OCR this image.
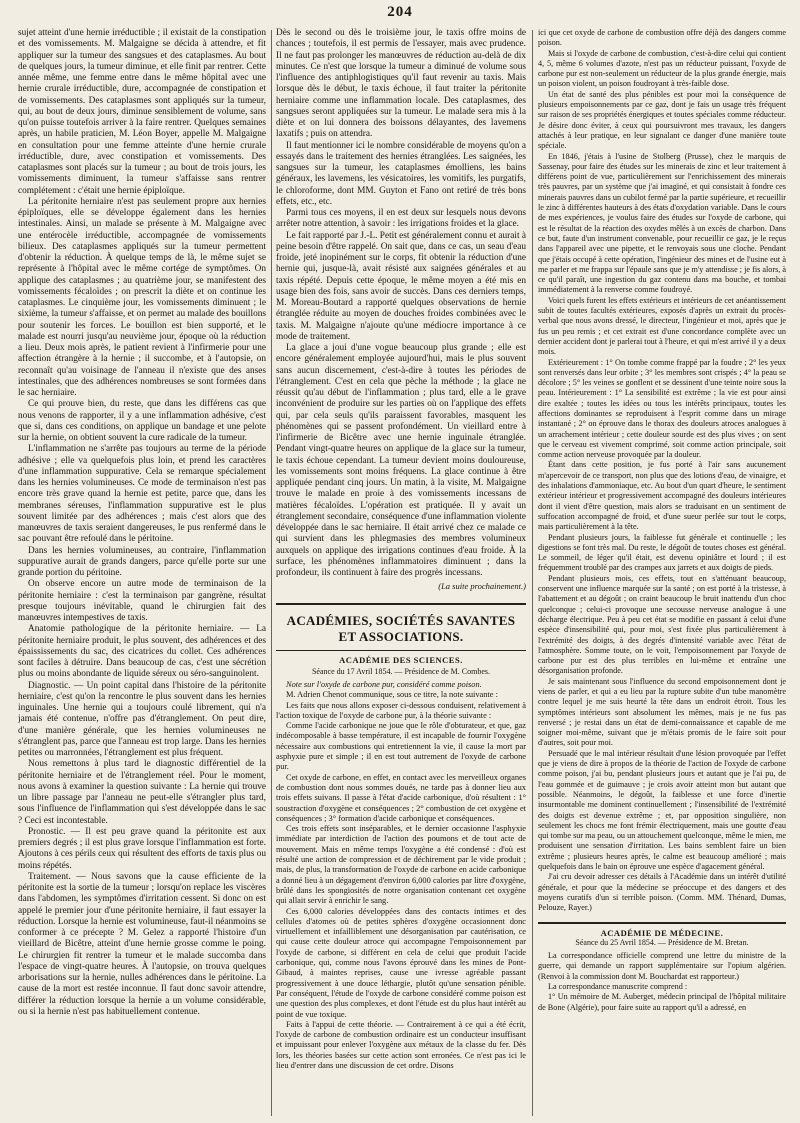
204

sujet atteint d'une hernie irréductible ; il existait de la constipation et des vomissements. M. Malgaigne se décida à attendre, et fit appliquer sur la tumeur des sangsues et des cataplasmes. Au bout de quelques jours, la tumeur diminue, et elle finit par rentrer. Cette année même, une femme entre dans le même hôpital avec une hernie crurale irréductible, dure, accompagnée de constipation et de vomissements. Des cataplasmes sont appliqués sur la tumeur, qui, au bout de deux jours, diminue sensiblement de volume, sans qu'on puisse toutefois arriver à la faire rentrer. Quelques semaines après, un habile praticien, M. Léon Boyer, appelle M. Malgaigne en consultation pour une femme atteinte d'une hernie crurale irréductible, dure, avec constipation et vomissements. Des cataplasmes sont placés sur la tumeur ; au bout de trois jours, les vomissements diminuent, la tumeur s'affaisse sans rentrer complétement : c'était une hernie épiploïque.

La péritonite herniaire n'est pas seulement propre aux hernies épiploïques, elle se développe également dans les hernies intestinales. Ainsi, un malade se présente à M. Malgaigne avec une entérocèle irréductible, accompagnée de vomissements bilieux. Des cataplasmes appliqués sur la tumeur permettent d'obtenir la réduction. À quelque temps de là, le même sujet se représente à l'hôpital avec le même cortége de symptômes. On applique des cataplasmes ; au quatrième jour, se manifestent des vomissements fécaloïdes ; on prescrit la diète et on continue les cataplasmes. Le cinquième jour, les vomissements diminuent ; le sixième, la tumeur s'affaisse, et on permet au malade des bouillons pour soutenir les forces. Le bouillon est bien supporté, et le malade est nourri jusqu'au neuvième jour, époque où la réduction a lieu. Deux mois après, le patient revient à l'infirmerie pour une affection étrangère à la hernie ; il succombe, et à l'autopsie, on reconnaît qu'au voisinage de l'anneau il n'existe que des anses intestinales, que des adhérences nombreuses se sont formées dans le sac herniaire.

Ce qui prouve bien, du reste, que dans les différens cas que nous venons de rapporter, il y a une inflammation adhésive, c'est que si, dans ces conditions, on applique un bandage et une pelote sur la hernie, on obtient souvent la cure radicale de la tumeur.

L'inflammation ne s'arrête pas toujours au terme de la période adhésive ; elle va quelquefois plus loin, et prend les caractères d'une inflammation suppurative. Cela se remarque spécialement dans les hernies volumineuses. Ce mode de terminaison n'est pas encore très grave quand la hernie est petite, parce que, dans les membranes séreuses, l'inflammation suppurative est le plus souvent limitée par des adhérences ; mais c'est alors que des manœuvres de taxis seraient dangereuses, le pus renfermé dans le sac pouvant être refoulé dans le péritoine.

Dans les hernies volumineuses, au contraire, l'inflammation suppurative aurait de grands dangers, parce qu'elle porte sur une grande portion du péritoine.

On observe encore un autre mode de terminaison de la péritonite herniaire : c'est la terminaison par gangrène, résultat presque toujours inévitable, quand le chirurgien fait des manœuvres intempestives de taxis.

Anatomie pathologique de la péritonite herniaire. — La péritonite herniaire produit, le plus souvent, des adhérences et des épaississements du sac, des cicatrices du collet. Ces adhérences sont faciles à détruire. Dans beaucoup de cas, c'est une sécrétion plus ou moins abondante de liquide séreux ou séro-sanguinolent.

Diagnostic. — Un point capital dans l'histoire de la péritonite herniaire, c'est qu'on la rencontre le plus souvent dans les hernies inguinales. Une hernie qui a toujours coulé librement, qui n'a jamais été contenue, n'offre pas d'étranglement. On peut dire, d'une manière générale, que les hernies volumineuses ne s'étranglent pas, parce que l'anneau est trop large. Dans les hernies petites ou marronnées, l'étranglement est plus fréquent.

Nous remettons à plus tard le diagnostic différentiel de la péritonite herniaire et de l'étranglement réel. Pour le moment, nous avons à examiner la question suivante : La hernie qui trouve un libre passage par l'anneau ne peut-elle s'étrangler plus tard, sous l'influence de l'inflammation qui s'est développée dans le sac ? Ceci est incontestable.

Pronostic. — Il est peu grave quand la péritonite est aux premiers degrés ; il est plus grave lorsque l'inflammation est forte. Ajoutons à ces périls ceux qui résultent des efforts de taxis plus ou moins répétés.

Traitement. — Nous savons que la cause efficiente de la péritonite est la sortie de la tumeur ; lorsqu'on replace les viscères dans l'abdomen, les symptômes d'irritation cessent. Si donc on est appelé le premier jour d'une péritonite herniaire, il faut essayer la réduction. Lorsque la hernie est volumineuse, faut-il néanmoins se conformer à ce précepte ? M. Gelez a rapporté l'histoire d'un vieillard de Bicêtre, atteint d'une hernie grosse comme le poing. Le chirurgien fit rentrer la tumeur et le malade succomba dans l'espace de vingt-quatre heures. À l'autopsie, on trouva quelques arborisations sur la hernie, nulles adhérences dans le péritoine. La cause de la mort est restée inconnue. Il faut donc savoir attendre, différer la réduction lorsque la hernie a un volume considérable, ou si la hernie n'est pas habituellement contenue.

Dès le second ou dès le troisième jour, le taxis offre moins de chances ; toutefois, il est permis de l'essayer, mais avec prudence. Il ne faut pas prolonger les manœuvres de réduction au-delà de dix minutes. Ce n'est que lorsque la tumeur a diminué de volume sous l'influence des antiphlogistiques qu'il faut revenir au taxis. Mais lorsque dès le début, le taxis échoue, il faut traiter la péritonite herniaire comme une inflammation locale. Des cataplasmes, des sangsues seront appliquées sur la tumeur. Le malade sera mis à la diète et on lui donnera des boissons délayantes, des lavemens laxatifs ; puis on attendra.

Il faut mentionner ici le nombre considérable de moyens qu'on a essayés dans le traitement des hernies étranglées. Les saignées, les sangsues sur la tumeur, les cataplasmes émolliens, les bains généraux, les lavemens, les vésicatoires, les vomitifs, les purgatifs, le chloroforme, dont MM. Guyton et Fano ont retiré de très bons effets, etc., etc.

Parmi tous ces moyens, il en est deux sur lesquels nous devons arrêter notre attention, à savoir : les irrigations froides et la glace.

Le fait rapporté par J.-L. Petit est généralement connu et aurait à peine besoin d'être rappelé. On sait que, dans ce cas, un seau d'eau froide, jeté inopinément sur le corps, fit obtenir la réduction d'une hernie qui, jusque-là, avait résisté aux saignées générales et au taxis répété. Depuis cette époque, le même moyen a été mis en usage bien des fois, sans avoir de succès. Dans ces derniers temps, M. Moreau-Boutard a rapporté quelques observations de hernie étranglée réduite au moyen de douches froides combinées avec le taxis. M. Malgaigne n'ajoute qu'une médiocre importance à ce mode de traitement.

La glace a joui d'une vogue beaucoup plus grande ; elle est encore généralement employée aujourd'hui, mais le plus souvent sans aucun discernement, c'est-à-dire à toutes les périodes de l'étranglement. C'est en cela que pèche la méthode ; la glace ne réussit qu'au début de l'inflammation ; plus tard, elle a le grave inconvénient de produire sur les parties où on l'applique des effets qui, par cela seuls qu'ils paraissent favorables, masquent les phénomènes qui se passent profondément. Un vieillard entre à l'infirmerie de Bicêtre avec une hernie inguinale étranglée. Pendant vingt-quatre heures on applique de la glace sur la tumeur, le taxis échoue cependant. La tumeur devient moins douloureuse, les vomissements sont moins fréquens. La glace continue à être appliquée pendant cinq jours. Un matin, à la visite, M. Malgaigne trouve le malade en proie à des vomissements incessans de matières fécaloïdes. L'opération est pratiquée. Il y avait un étranglement secondaire, conséquence d'une inflammation violente développée dans le sac herniaire. Il était arrivé chez ce malade ce qui survient dans les phlegmasies des membres volumineux auxquels on applique des irrigations continues d'eau froide. À la surface, les phénomènes inflammatoires diminuent ; dans la profondeur, ils continuent à faire des progrès incessans.

(La suite prochainement.)
ACADÉMIES, SOCIÉTÉS SAVANTES ET ASSOCIATIONS.
ACADÉMIE DES SCIENCES.
Séance du 17 Avril 1854. — Présidence de M. Combes.

Note sur l'oxyde de carbone pur, considéré comme poison.

M. Adrien Chenot communique, sous ce titre, la note suivante :

Les faits que nous allons exposer ci-dessous conduisent, relativement à l'action toxique de l'oxyde de carbone pur, à la théorie suivante :

Comme l'acide carbonique ne joue que le rôle d'obturateur, et que, gaz indécomposable à basse température, il est incapable de fournir l'oxygène nécessaire aux combustions qui entretiennent la vie, il cause la mort par asphyxie pure et simple ; il en est tout autrement de l'oxyde de carbone pur.

Cet oxyde de carbone, en effet, en contact avec les merveilleux organes de combustion dont nous sommes doués, ne tarde pas à donner lieu aux trois effets suivans. Il passe à l'état d'acide carbonique, d'où résultent : 1° soustraction d'oxygène et conséquences ; 2° combustion de cet oxygène et conséquences ; 3° formation d'acide carbonique et conséquences.

Ces trois effets sont inséparables, et le dernier occasionne l'asphyxie immédiate par interdiction de l'action des poumons et de tout acte de mouvement. Mais en même temps l'oxygène a été condensé : d'où est résulté une action de compression et de déchirement par le vide produit ; mais, de plus, la transformation de l'oxyde de carbone en acide carbonique a donné lieu à un dégagement d'environ 6,000 calories par litre d'oxygène, brûlé dans les spongiosités de notre organisation contenant cet oxygène qui allait servir à enrichir le sang.

Ces 6,000 calories développées dans des contacts intimes et des cellules d'atomes où de petites sphères d'oxygène occasionnent donc virtuellement et infailliblement une désorganisation par cautérisation, ce qui cause cette douleur atroce qui accompagne l'empoisonnement par l'oxyde de carbone, si différent en cela de celui que produit l'acide carbonique, qui, comme nous l'avons éprouvé dans les mines de Pont-Gibaud, à maintes reprises, cause une ivresse agréable passant progressivement à une douce léthargie, plutôt qu'une sensation pénible. Par conséquent, l'étude de l'oxyde de carbone considéré comme poison est une question des plus complexes, et dont l'étude est du plus haut intérêt au point de vue toxique.

Faits à l'appui de cette théorie. — Contrairement à ce qui a été écrit, l'oxyde de carbone de combustion ordinaire est un conducteur insuffisant et impuissant pour enlever l'oxygène aux métaux de la classe du fer. Dès lors, les théories basées sur cette action sont erronées. Ce n'est pas ici le lieu d'entrer dans une discussion de cet ordre. Disons

ici que cet oxyde de carbone de combustion offre déjà des dangers comme poison.

Mais si l'oxyde de carbone de combustion, c'est-à-dire celui qui contient 4, 5, même 6 volumes d'azote, n'est pas un réducteur puissant, l'oxyde de carbone pur est non-seulement un réducteur de la plus grande énergie, mais un poison violent, un poison foudroyant à très-faible dose.

Un état de santé des plus pénibles est pour moi la conséquence de plusieurs empoisonnements par ce gaz, dont je fais un usage très fréquent sur raison de ses propriétés énergiques et toutes spéciales comme réducteur. Je désire donc éviter, à ceux qui poursuivront mes travaux, les dangers attachés à leur pratique, en leur signalant ce danger d'une manière toute spéciale.

En 1846, j'étais à l'usine de Stolberg (Prusse), chez le marquis de Sassenay, pour faire des études sur les minerais de zinc et leur traitement à différens point de vue, particulièrement sur l'enrichissement des minerais très pauvres, par un système que j'ai imaginé, et qui consistait à fondre ces minerais pauvres dans un cubilot fermé par la partie supérieure, et recueillir le zinc à différentes hauteurs à des états d'oxydation variable. Dans le cours de mes expériences, je voulus faire des études sur l'oxyde de carbone, qui est le résultat de la réaction des oxydes mêlés à un excès de charbon. Dans ce but, faute d'un instrument convenable, pour recueillir ce gaz, je le reçus dans l'appareil avec une pipette, et le renvoyais sous une cloche. Pendant que j'étais occupé à cette opération, l'ingénieur des mines et de l'usine eut à me parler et me frappa sur l'épaule sans que je m'y attendisse ; je fis alors, à ce qu'il paraît, une ingestion du gaz contenu dans ma bouche, et tombai immédiatement à la renverse comme foudroyé.

Voici quels furent les effets extérieurs et intérieurs de cet anéantissement subit de toutes facultés extérieures, exposés d'après un extrait du procès-verbal que nous avons dressé, le directeur, l'ingénieur et moi, après que je fus un peu remis ; et cet extrait est d'une concordance complète avec un dernier accident dont je parlerai tout à l'heure, et qui m'est arrivé il y a deux mois.

Extérieurement : 1° On tombe comme frappé par la foudre ; 2° les yeux sont renversés dans leur orbite ; 3° les membres sont crispés ; 4° la peau se décolore ; 5° les veines se gonflent et se dessinent d'une teinte noire sous la peau. Intérieurement : 1° La sensibilité est extrême ; la vie est pour ainsi dire exaltée ; toutes les idées ou tous les intérêts principaux, toutes les affections dominantes se reproduisent à l'esprit comme dans un mirage instantané ; 2° on éprouve dans le thorax des douleurs atroces analogues à un arrachement intérieur ; cette douleur sourde est des plus vives ; on sent que le cerveau est vivement comprimé, soit comme action principale, soit comme action nerveuse provoquée par la douleur.

Étant dans cette position, je fus porté à l'air sans aucunement m'apercevoir de ce transport, non plus que des lotions d'eau, de vinaigre, et des inhalations d'ammoniaque, etc. Au bout d'un quart d'heure, le sentiment extérieur intérieur et progressivement accompagné des douleurs intérieures dont il vient d'être question, mais alors se traduisant en un sentiment de suffocation accompagné de froid, et d'une sueur perlée sur tout le corps, mais particulièrement à la tête.

Pendant plusieurs jours, la faiblesse fut générale et continuelle ; les digestions se font très mal. Du reste, le dégoût de toutes choses est général. Le sommeil, de léger qu'il était, est devenu opiniâtre et lourd ; il est fréquemment troublé par des crampes aux jarrets et aux doigts de pieds.

Pendant plusieurs mois, ces effets, tout en s'atténuant beaucoup, conservent une influence marquée sur la santé ; on est porté à la tristesse, à l'abattement et au dégoût ; on craint beaucoup le bruit inattendu d'un choc quelconque ; celui-ci provoque une secousse nerveuse analogue à une décharge électrique. Peu à peu cet état se modifie en passant à celui d'une espèce d'insensibilité qui, pour moi, s'est fixée plus particulièrement à l'extrémité des doigts, à des degrés d'intensité variable avec l'état de l'atmosphère. Somme toute, on le voit, l'empoisonnement par l'oxyde de carbone pur est des plus terribles en lui-même et entraîne une désorganisation profonde.

Je sais maintenant sous l'influence du second empoisonnement dont je viens de parler, et qui a eu lieu par la rupture subite d'un tube manomètre contre lequel je me suis heurté la tête dans un endroit étroit. Tous les symptômes intérieurs sont absolument les mêmes, mais je ne fus pas renversé ; je restai dans un état de demi-connaissance et capable de me soigner moi-même, suivant que je m'étais promis de le faire soit pour d'autres, soit pour moi.

Persuadé que le mal intérieur résultait d'une lésion provoquée par l'effet que je viens de dire à propos de la théorie de l'action de l'oxyde de carbone comme poison, j'ai bu, pendant plusieurs jours et autant que je l'ai pu, de l'eau gommée et de guimauve ; je crois avoir atteint mon but autant que possible. Néanmoins, le dégoût, la faiblesse et une force d'inertie insurmontable me dominent continuellement ; l'insensibilité de l'extrémité des doigts est devenue extrême ; et, par opposition singulière, non seulement les chocs me font frémir électriquement, mais une goutte d'eau qui tombe sur ma peau, ou un attouchement quelconque, même le mien, me produisent une sensation d'irritation. Les bains semblent faire un bien extrême ; plusieurs heures après, le calme est beaucoup amélioré ; mais quelquefois dans le bain on éprouve une espèce d'agacement général.

J'ai cru devoir adresser ces détails à l'Académie dans un intérêt d'utilité générale, et pour que la médecine se préoccupe et des dangers et des moyens curatifs d'un si terrible poison. (Comm. MM. Thénard, Dumas, Pelouze, Rayer.)

ACADÉMIE DE MÉDECINE.
Séance du 25 Avril 1854. — Présidence de M. Bretan.

La correspondance officielle comprend une lettre du ministre de la guerre, qui demande un rapport supplémentaire sur l'opium algérien. (Renvoi à la commission dont M. Bouchardat est rapporteur.)

La correspondance manuscrite comprend :

1° Un mémoire de M. Auberget, médecin principal de l'hôpital militaire de Bone (Algérie), pour faire suite au rapport qu'il a adressé, en
